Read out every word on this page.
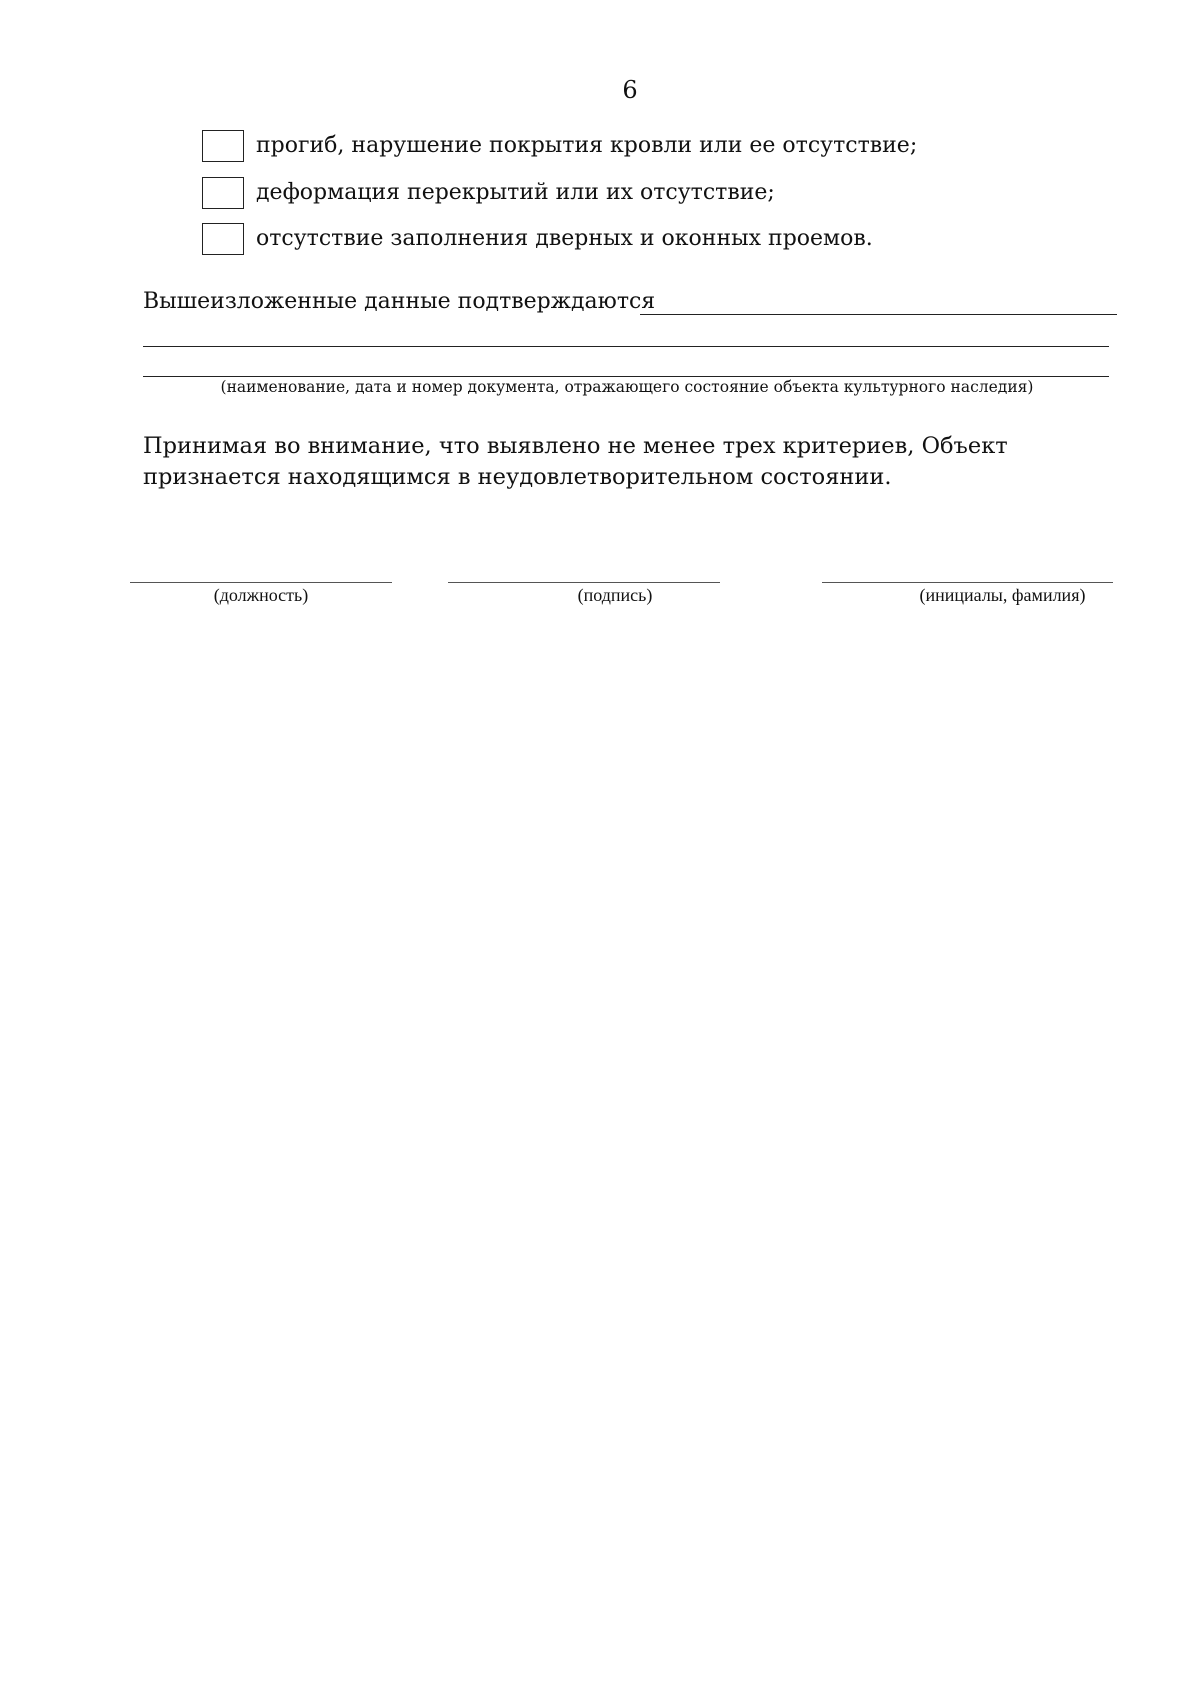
6
прогиб, нарушение покрытия кровли или ее отсутствие;
деформация перекрытий или их отсутствие;
отсутствие заполнения дверных и оконных проемов.
Вышеизложенные данные подтверждаются
(наименование, дата и номер документа, отражающего состояние объекта культурного наследия)
Принимая во внимание, что выявлено не менее трех критериев, Объект признается находящимся в неудовлетворительном состоянии.
(должность)	(подпись)	(инициалы, фамилия)
